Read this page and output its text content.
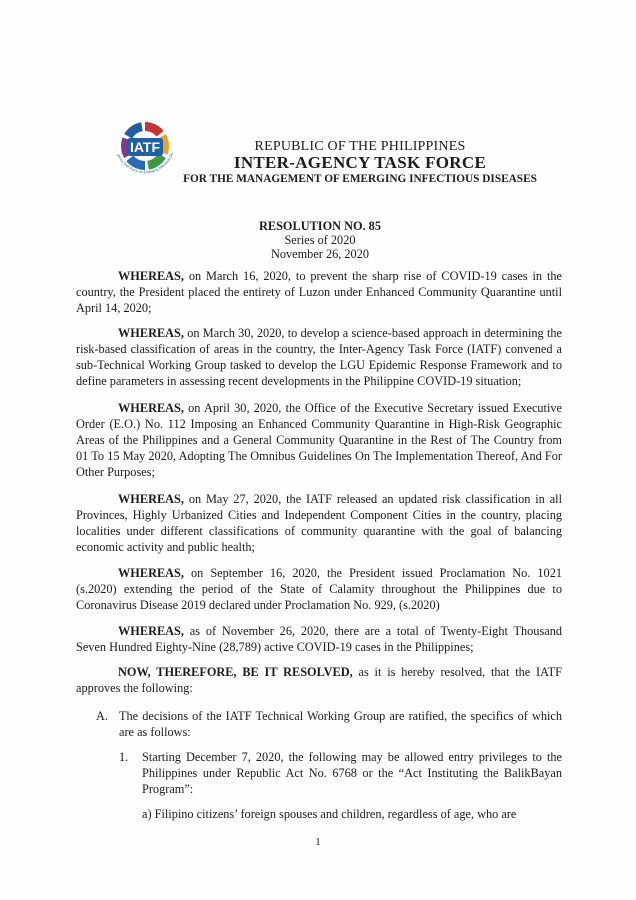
IATF
gency Task Force on Emerging Infectious Dis	REPUBLIC OF THE PHILIPPINES
INTER-AGENCY TASK FORCE
FOR THE MANAGEMENT OF EMERGING INFECTIOUS DISEASES
RESOLUTION NO. 85
Series of 2020
November 26, 2020

WHEREAS, on March 16, 2020, to prevent the sharp rise of COVID-19 cases in the country, the President placed the entirety of Luzon under Enhanced Community Quarantine until April 14, 2020;

WHEREAS, on March 30, 2020, to develop a science-based approach in determining the risk-based classification of areas in the country, the Inter-Agency Task Force (IATF) convened a sub-Technical Working Group tasked to develop the LGU Epidemic Response Framework and to define parameters in assessing recent developments in the Philippine COVID-19 situation;

WHEREAS, on April 30, 2020, the Office of the Executive Secretary issued Executive Order (E.O.) No. 112 Imposing an Enhanced Community Quarantine in High-Risk Geographic Areas of the Philippines and a General Community Quarantine in the Rest of The Country from 01 To 15 May 2020, Adopting The Omnibus Guidelines On The Implementation Thereof, And For Other Purposes;

WHEREAS, on May 27, 2020, the IATF released an updated risk classification in all Provinces, Highly Urbanized Cities and Independent Component Cities in the country, placing localities under different classifications of community quarantine with the goal of balancing economic activity and public health;

WHEREAS, on September 16, 2020, the President issued Proclamation No. 1021 (s.2020) extending the period of the State of Calamity throughout the Philippines due to Coronavirus Disease 2019 declared under Proclamation No. 929, (s.2020)

WHEREAS, as of November 26, 2020, there are a total of Twenty-Eight Thousand Seven Hundred Eighty-Nine (28,789) active COVID-19 cases in the Philippines;

NOW, THEREFORE, BE IT RESOLVED, as it is hereby resolved, that the IATF approves the following:

A. The decisions of the IATF Technical Working Group are ratified, the specifics of which are as follows:
1. Starting December 7, 2020, the following may be allowed entry privileges to the Philippines under Republic Act No. 6768 or the “Act Instituting the BalikBayan Program”:
a) Filipino citizens’ foreign spouses and children, regardless of age, who are
1
